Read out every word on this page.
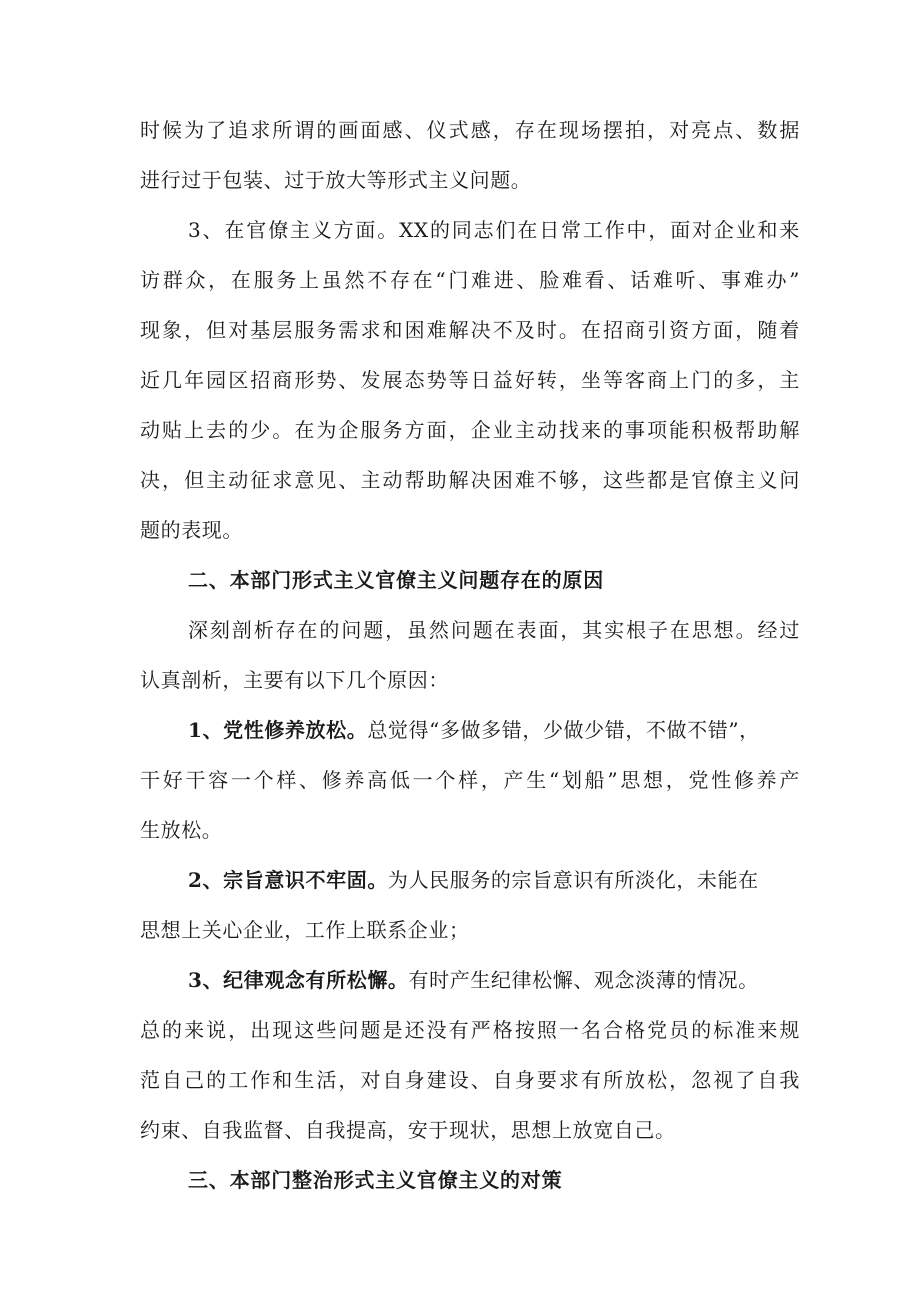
时候为了追求所谓的画面感、仪式感，存在现场摆拍，对亮点、数据
进行过于包装、过于放大等形式主义问题。
3、在官僚主义方面。XX的同志们在日常工作中，面对企业和来
访群众，在服务上虽然不存在“门难进、脸难看、话难听、事难办”
现象，但对基层服务需求和困难解决不及时。在招商引资方面，随着
近几年园区招商形势、发展态势等日益好转，坐等客商上门的多，主
动贴上去的少。在为企服务方面，企业主动找来的事项能积极帮助解
决，但主动征求意见、主动帮助解决困难不够，这些都是官僚主义问
题的表现。
二、本部门形式主义官僚主义问题存在的原因
深刻剖析存在的问题，虽然问题在表面，其实根子在思想。经过
认真剖析，主要有以下几个原因：
1、党性修养放松。总觉得“多做多错，少做少错，不做不错”，
干好干容一个样、修养高低一个样，产生“划船”思想，党性修养产
生放松。
2、宗旨意识不牢固。为人民服务的宗旨意识有所淡化，未能在
思想上关心企业，工作上联系企业；
3、纪律观念有所松懈。有时产生纪律松懈、观念淡薄的情况。
总的来说，出现这些问题是还没有严格按照一名合格党员的标准来规
范自己的工作和生活，对自身建设、自身要求有所放松，忽视了自我
约束、自我监督、自我提高，安于现状，思想上放宽自己。
三、本部门整治形式主义官僚主义的对策
